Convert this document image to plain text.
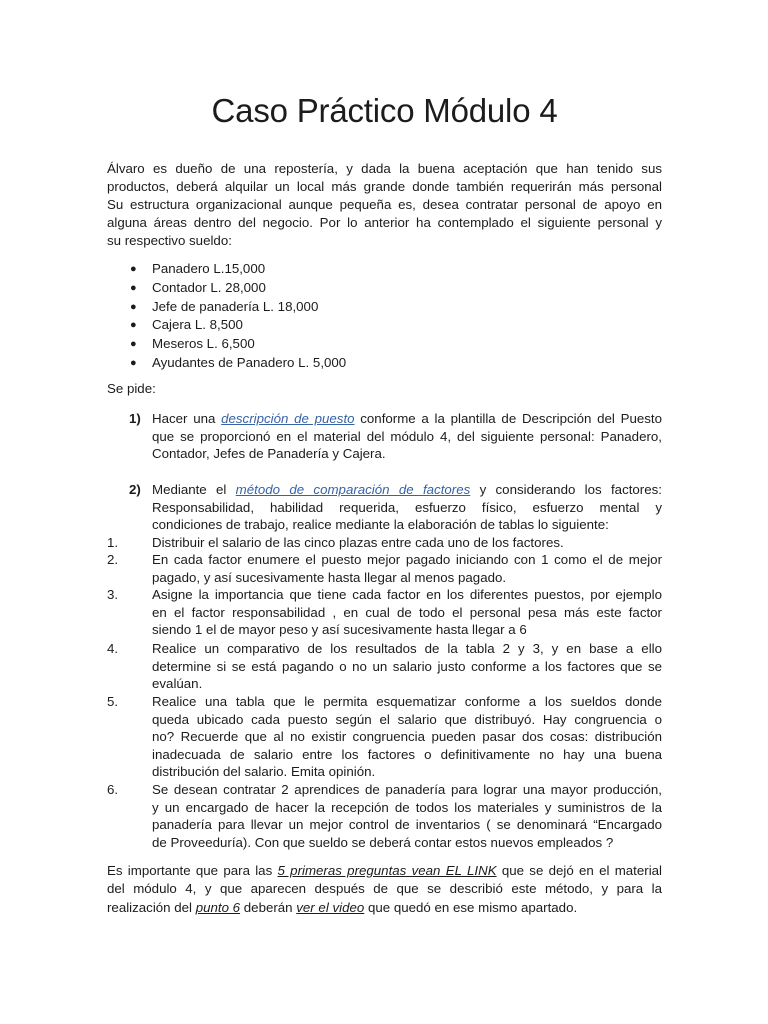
Caso Práctico Módulo 4
Álvaro es dueño de una repostería, y dada la buena aceptación que han tenido sus
productos, deberá alquilar un local más grande donde también requerirán más personal
Su estructura organizacional aunque pequeña es, desea contratar personal de apoyo en
alguna áreas dentro del negocio. Por lo anterior ha contemplado el siguiente personal y
su respectivo sueldo:
● Panadero L.15,000
● Contador L. 28,000
● Jefe de panadería L. 18,000
● Cajera L. 8,500
● Meseros L. 6,500
● Ayudantes de Panadero L. 5,000

Se pide:

1) Hacer una descripción de puesto conforme a la plantilla de Descripción del Puesto
que se proporcionó en el material del módulo 4, del siguiente personal: Panadero,
Contador, Jefes de Panadería y Cajera.
2) Mediante el método de comparación de factores y considerando los factores:
Responsabilidad, habilidad requerida, esfuerzo físico, esfuerzo mental y
condiciones de trabajo, realice mediante la elaboración de tablas lo siguiente:
1.	Distribuir el salario de las cinco plazas entre cada uno de los factores.
2.	En cada factor enumere el puesto mejor pagado iniciando con 1 como el de mejor
pagado, y así sucesivamente hasta llegar al menos pagado.
3.	Asigne la importancia que tiene cada factor en los diferentes puestos, por ejemplo
en el factor responsabilidad , en cual de todo el personal pesa más este factor
siendo 1 el de mayor peso y así sucesivamente hasta llegar a 6
4.	Realice un comparativo de los resultados de la tabla 2 y 3, y en base a ello
determine si se está pagando o no un salario justo conforme a los factores que se
evalúan.
5.	Realice una tabla que le permita esquematizar conforme a los sueldos donde
queda ubicado cada puesto según el salario que distribuyó. Hay congruencia o
no? Recuerde que al no existir congruencia pueden pasar dos cosas: distribución
inadecuada de salario entre los factores o definitivamente no hay una buena
distribución del salario. Emita opinión.
6.	Se desean contratar 2 aprendices de panadería para lograr una mayor producción,
y un encargado de hacer la recepción de todos los materiales y suministros de la
panadería para llevar un mejor control de inventarios ( se denominará “Encargado
de Proveeduría). Con que sueldo se deberá contar estos nuevos empleados ?
Es importante que para las 5 primeras preguntas vean EL LINK que se dejó en el material
del módulo 4, y que aparecen después de que se describió este método, y para la
realización del punto 6 deberán ver el video que quedó en ese mismo apartado.
